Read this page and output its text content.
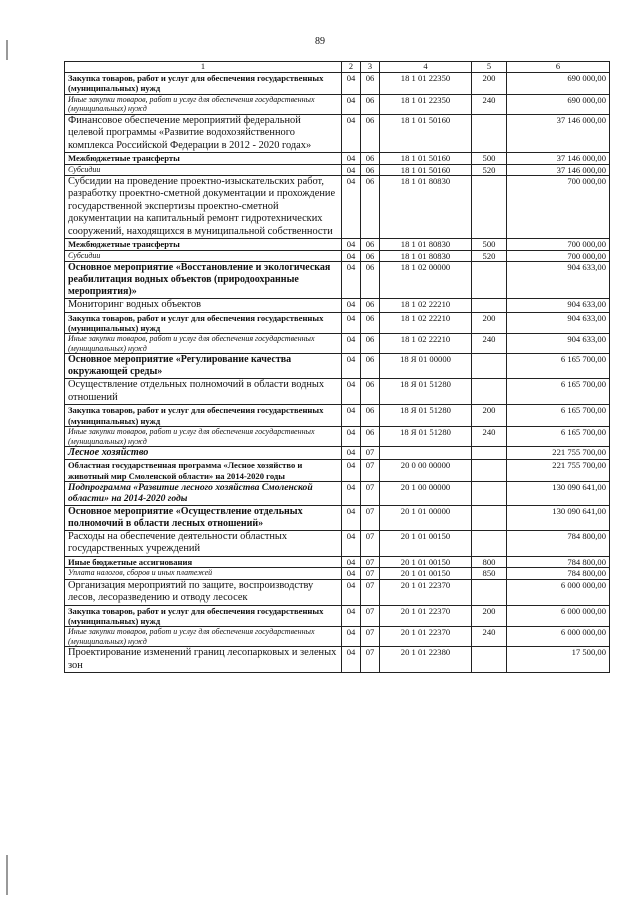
89
1	2	3	4	5	6
Закупка товаров, работ и услуг для обеспечения государственных (муниципальных) нужд	04	06	18 1 01 22350	200	690 000,00
Иные закупки товаров, работ и услуг для обеспечения государственных (муниципальных) нужд	04	06	18 1 01 22350	240	690 000,00
Финансовое обеспечение мероприятий федеральной целевой программы «Развитие водохозяйственного комплекса Российской Федерации в 2012 - 2020 годах»	04	06	18 1 01 50160		37 146 000,00
Межбюджетные трансферты	04	06	18 1 01 50160	500	37 146 000,00
Субсидии	04	06	18 1 01 50160	520	37 146 000,00
Субсидии на проведение проектно-изыскательских работ, разработку проектно-сметной документации и прохождение государственной экспертизы проектно-сметной документации на капитальный ремонт гидротехнических сооружений, находящихся в муниципальной собственности	04	06	18 1 01 80830		700 000,00
Межбюджетные трансферты	04	06	18 1 01 80830	500	700 000,00
Субсидии	04	06	18 1 01 80830	520	700 000,00
Основное мероприятие «Восстановление и экологическая реабилитация водных объектов (природоохранные мероприятия)»	04	06	18 1 02 00000		904 633,00
Мониторинг водных объектов	04	06	18 1 02 22210		904 633,00
Закупка товаров, работ и услуг для обеспечения государственных (муниципальных) нужд	04	06	18 1 02 22210	200	904 633,00
Иные закупки товаров, работ и услуг для обеспечения государственных (муниципальных) нужд	04	06	18 1 02 22210	240	904 633,00
Основное мероприятие «Регулирование качества окружающей среды»	04	06	18 Я 01 00000		6 165 700,00
Осуществление отдельных полномочий в области водных отношений	04	06	18 Я 01 51280		6 165 700,00
Закупка товаров, работ и услуг для обеспечения государственных (муниципальных) нужд	04	06	18 Я 01 51280	200	6 165 700,00
Иные закупки товаров, работ и услуг для обеспечения государственных (муниципальных) нужд	04	06	18 Я 01 51280	240	6 165 700,00
Лесное хозяйство	04	07			221 755 700,00
Областная государственная программа «Лесное хозяйство и животный мир Смоленской области» на 2014-2020 годы	04	07	20 0 00 00000		221 755 700,00
Подпрограмма «Развитие лесного хозяйства Смоленской области» на 2014-2020 годы	04	07	20 1 00 00000		130 090 641,00
Основное мероприятие «Осуществление отдельных полномочий в области лесных отношений»	04	07	20 1 01 00000		130 090 641,00
Расходы на обеспечение деятельности областных государственных учреждений	04	07	20 1 01 00150		784 800,00
Иные бюджетные ассигнования	04	07	20 1 01 00150	800	784 800,00
Уплата налогов, сборов и иных платежей	04	07	20 1 01 00150	850	784 800,00
Организация мероприятий по защите, воспроизводству лесов, лесоразведению и отводу лесосек	04	07	20 1 01 22370		6 000 000,00
Закупка товаров, работ и услуг для обеспечения государственных (муниципальных) нужд	04	07	20 1 01 22370	200	6 000 000,00
Иные закупки товаров, работ и услуг для обеспечения государственных (муниципальных) нужд	04	07	20 1 01 22370	240	6 000 000,00
Проектирование изменений границ лесопарковых и зеленых зон	04	07	20 1 01 22380		17 500,00
